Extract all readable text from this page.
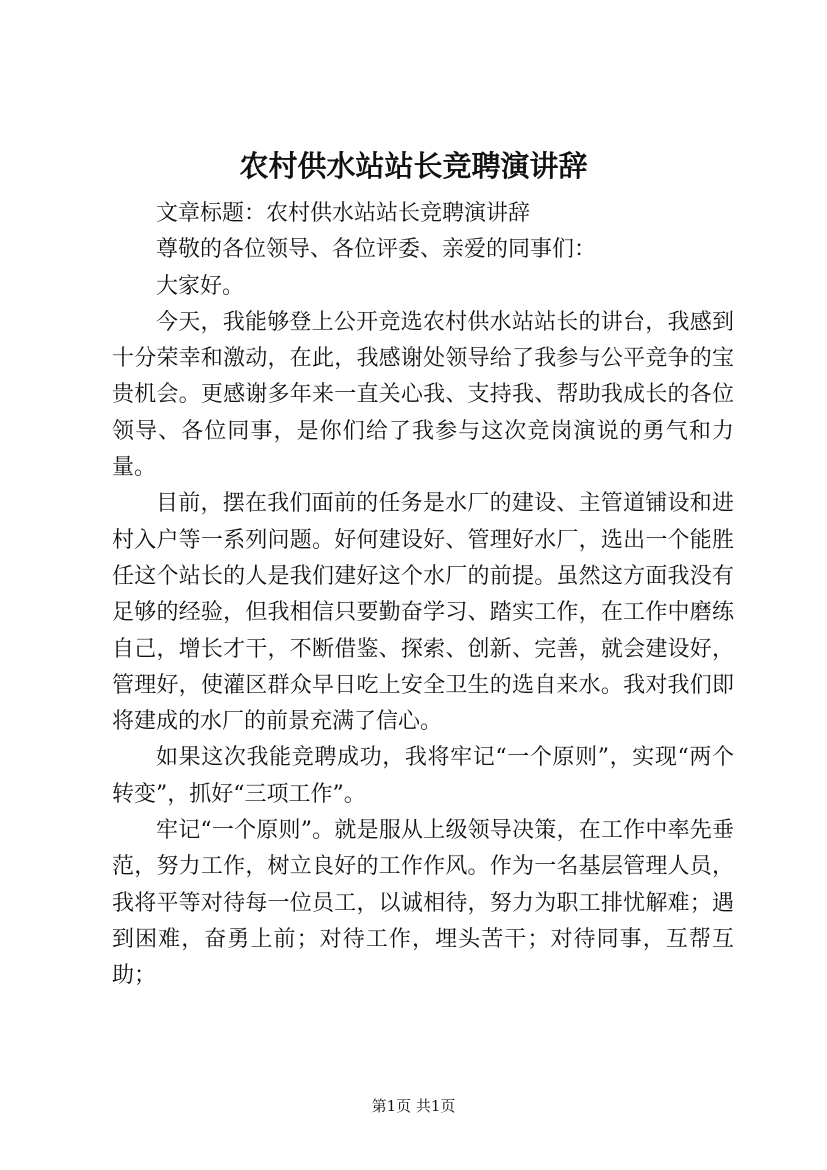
农村供水站站长竞聘演讲辞

文章标题：农村供水站站长竞聘演讲辞

尊敬的各位领导、各位评委、亲爱的同事们：

大家好。

今天，我能够登上公开竞选农村供水站站长的讲台，我感到十分荣幸和激动，在此，我感谢处领导给了我参与公平竞争的宝贵机会。更感谢多年来一直关心我、支持我、帮助我成长的各位领导、各位同事，是你们给了我参与这次竞岗演说的勇气和力量。

目前，摆在我们面前的任务是水厂的建设、主管道铺设和进村入户等一系列问题。好何建设好、管理好水厂，选出一个能胜任这个站长的人是我们建好这个水厂的前提。虽然这方面我没有足够的经验，但我相信只要勤奋学习、踏实工作，在工作中磨练自己，增长才干，不断借鉴、探索、创新、完善，就会建设好，管理好，使灌区群众早日吃上安全卫生的选自来水。我对我们即将建成的水厂的前景充满了信心。

如果这次我能竞聘成功，我将牢记“一个原则”，实现“两个转变”，抓好“三项工作”。

牢记“一个原则”。就是服从上级领导决策，在工作中率先垂范，努力工作，树立良好的工作作风。作为一名基层管理人员，我将平等对待每一位员工，以诚相待，努力为职工排忧解难；遇到困难，奋勇上前；对待工作，埋头苦干；对待同事，互帮互助；

第1页 共1页
